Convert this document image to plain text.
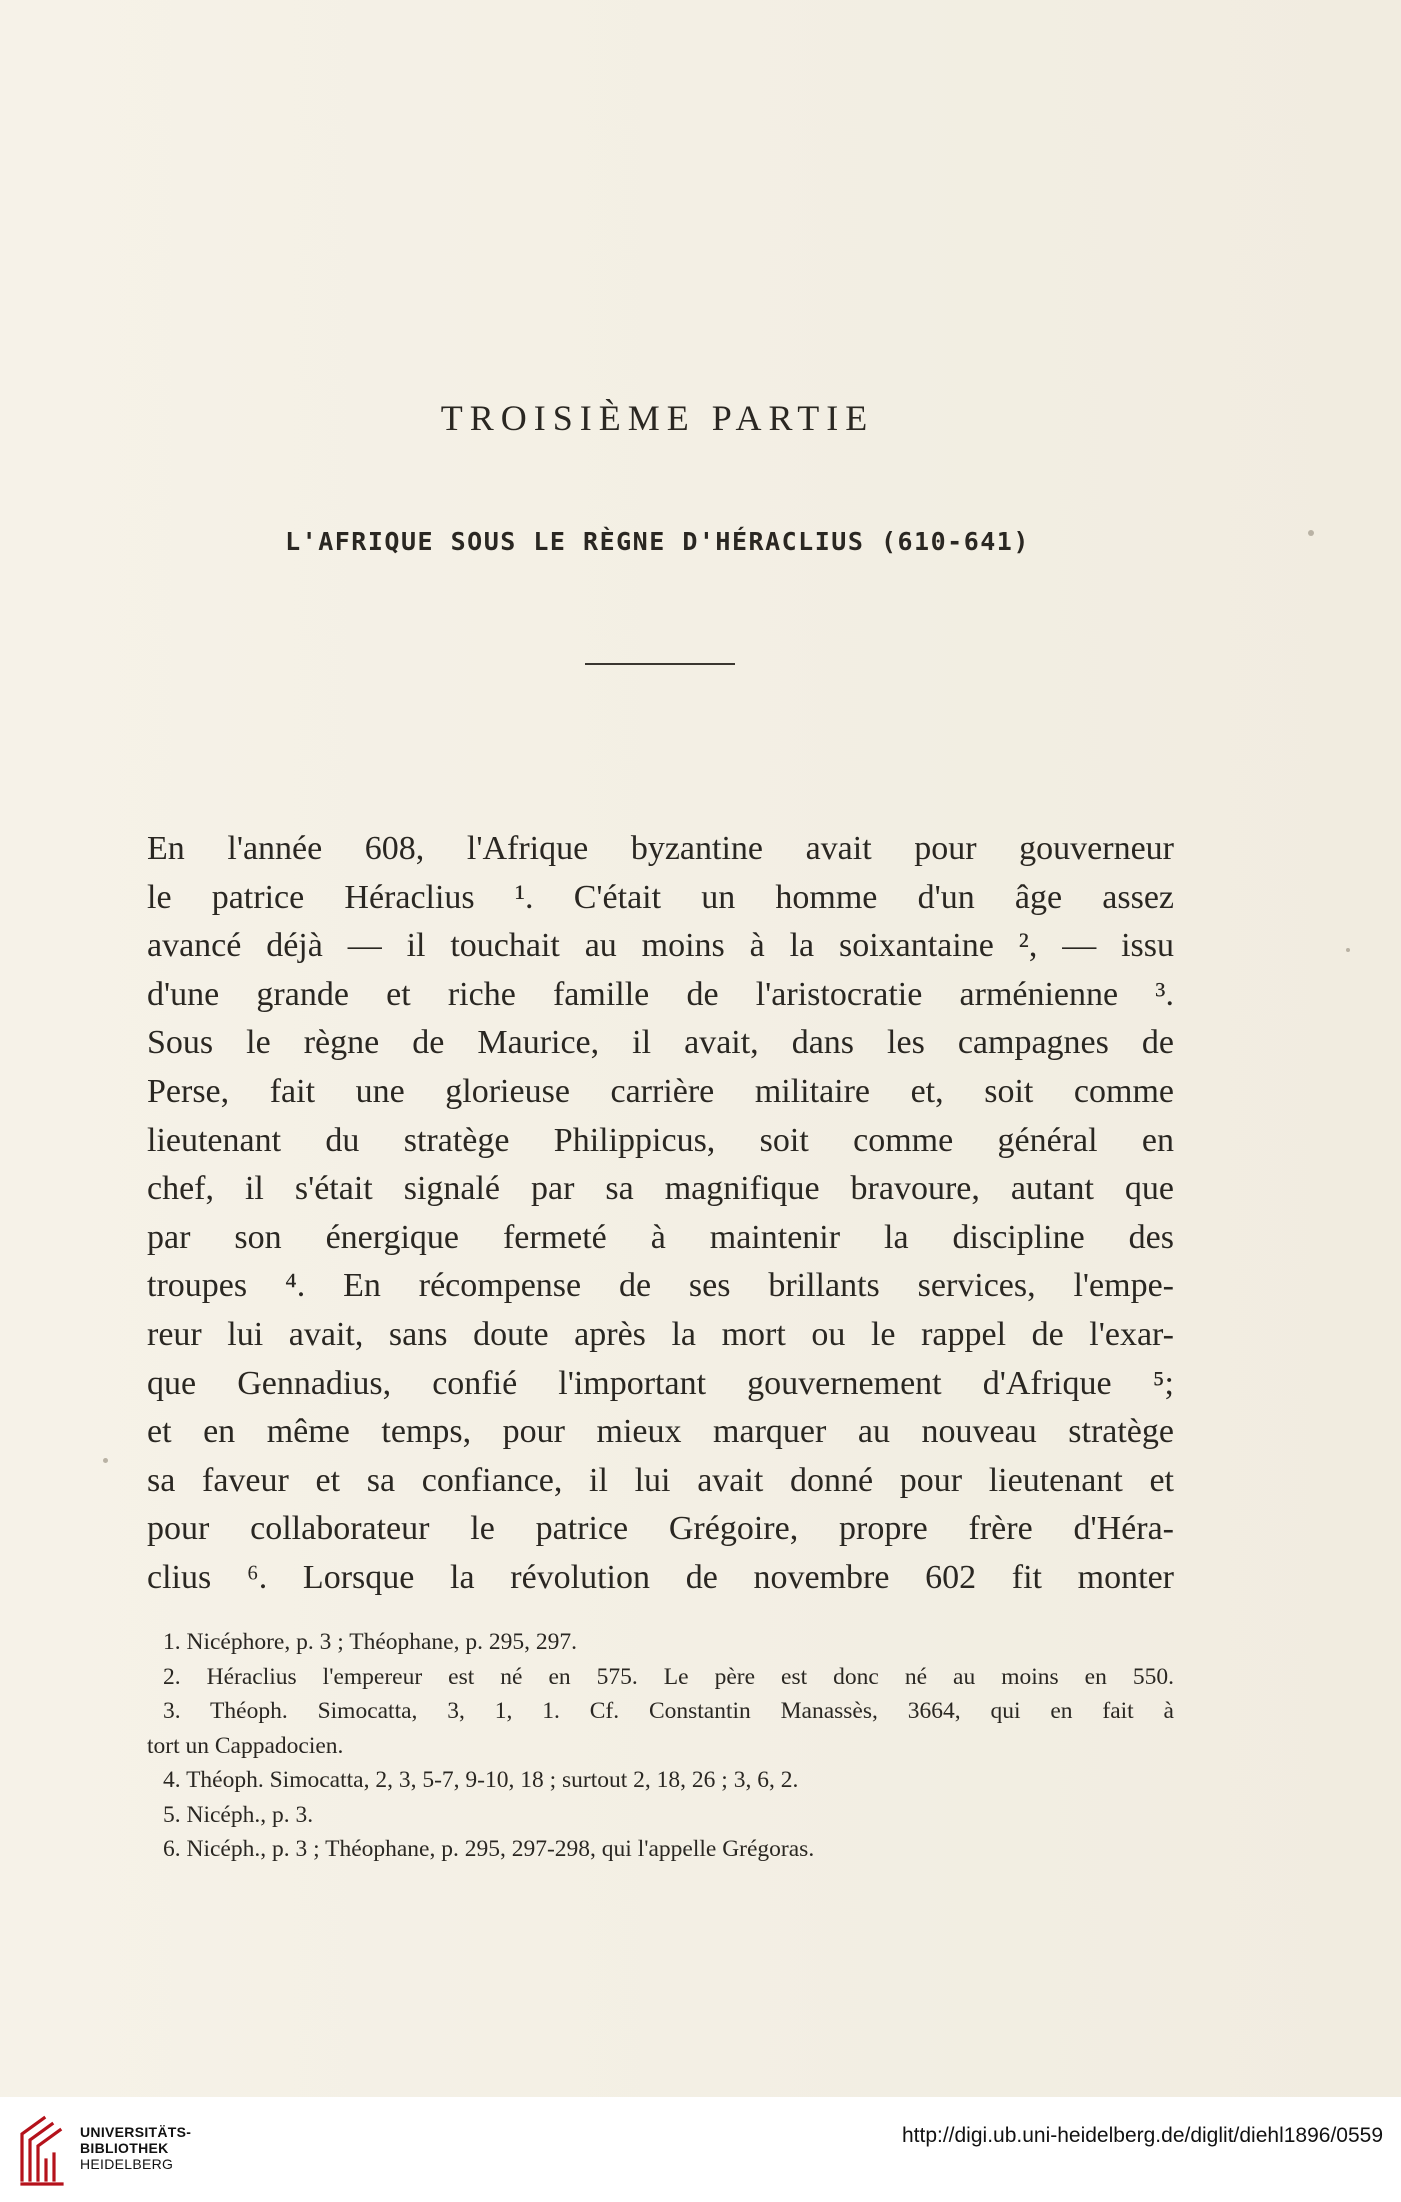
TROISIÈME PARTIE
L'AFRIQUE SOUS LE RÈGNE D'HÉRACLIUS (610-641)
En l'année 608, l'Afrique byzantine avait pour gouverneur
le patrice Héraclius ¹. C'était un homme d'un âge assez
avancé déjà — il touchait au moins à la soixantaine ², — issu
d'une grande et riche famille de l'aristocratie arménienne ³.
Sous le règne de Maurice, il avait, dans les campagnes de
Perse, fait une glorieuse carrière militaire et, soit comme
lieutenant du stratège Philippicus, soit comme général en
chef, il s'était signalé par sa magnifique bravoure, autant que
par son énergique fermeté à maintenir la discipline des
troupes ⁴. En récompense de ses brillants services, l'empe-
reur lui avait, sans doute après la mort ou le rappel de l'exar-
que Gennadius, confié l'important gouvernement d'Afrique ⁵;
et en même temps, pour mieux marquer au nouveau stratège
sa faveur et sa confiance, il lui avait donné pour lieutenant et
pour collaborateur le patrice Grégoire, propre frère d'Héra-
clius ⁶. Lorsque la révolution de novembre 602 fit monter
1. Nicéphore, p. 3 ; Théophane, p. 295, 297.
2. Héraclius l'empereur est né en 575. Le père est donc né au moins en 550.
3. Théoph. Simocatta, 3, 1, 1. Cf. Constantin Manassès, 3664, qui en fait à
tort un Cappadocien.
4. Théoph. Simocatta, 2, 3, 5-7, 9-10, 18 ; surtout 2, 18, 26 ; 3, 6, 2.
5. Nicéph., p. 3.
6. Nicéph., p. 3 ; Théophane, p. 295, 297-298, qui l'appelle Grégoras.
UNIVERSITÄTS-
BIBLIOTHEK
HEIDELBERG
http://digi.ub.uni-heidelberg.de/diglit/diehl1896/0559
